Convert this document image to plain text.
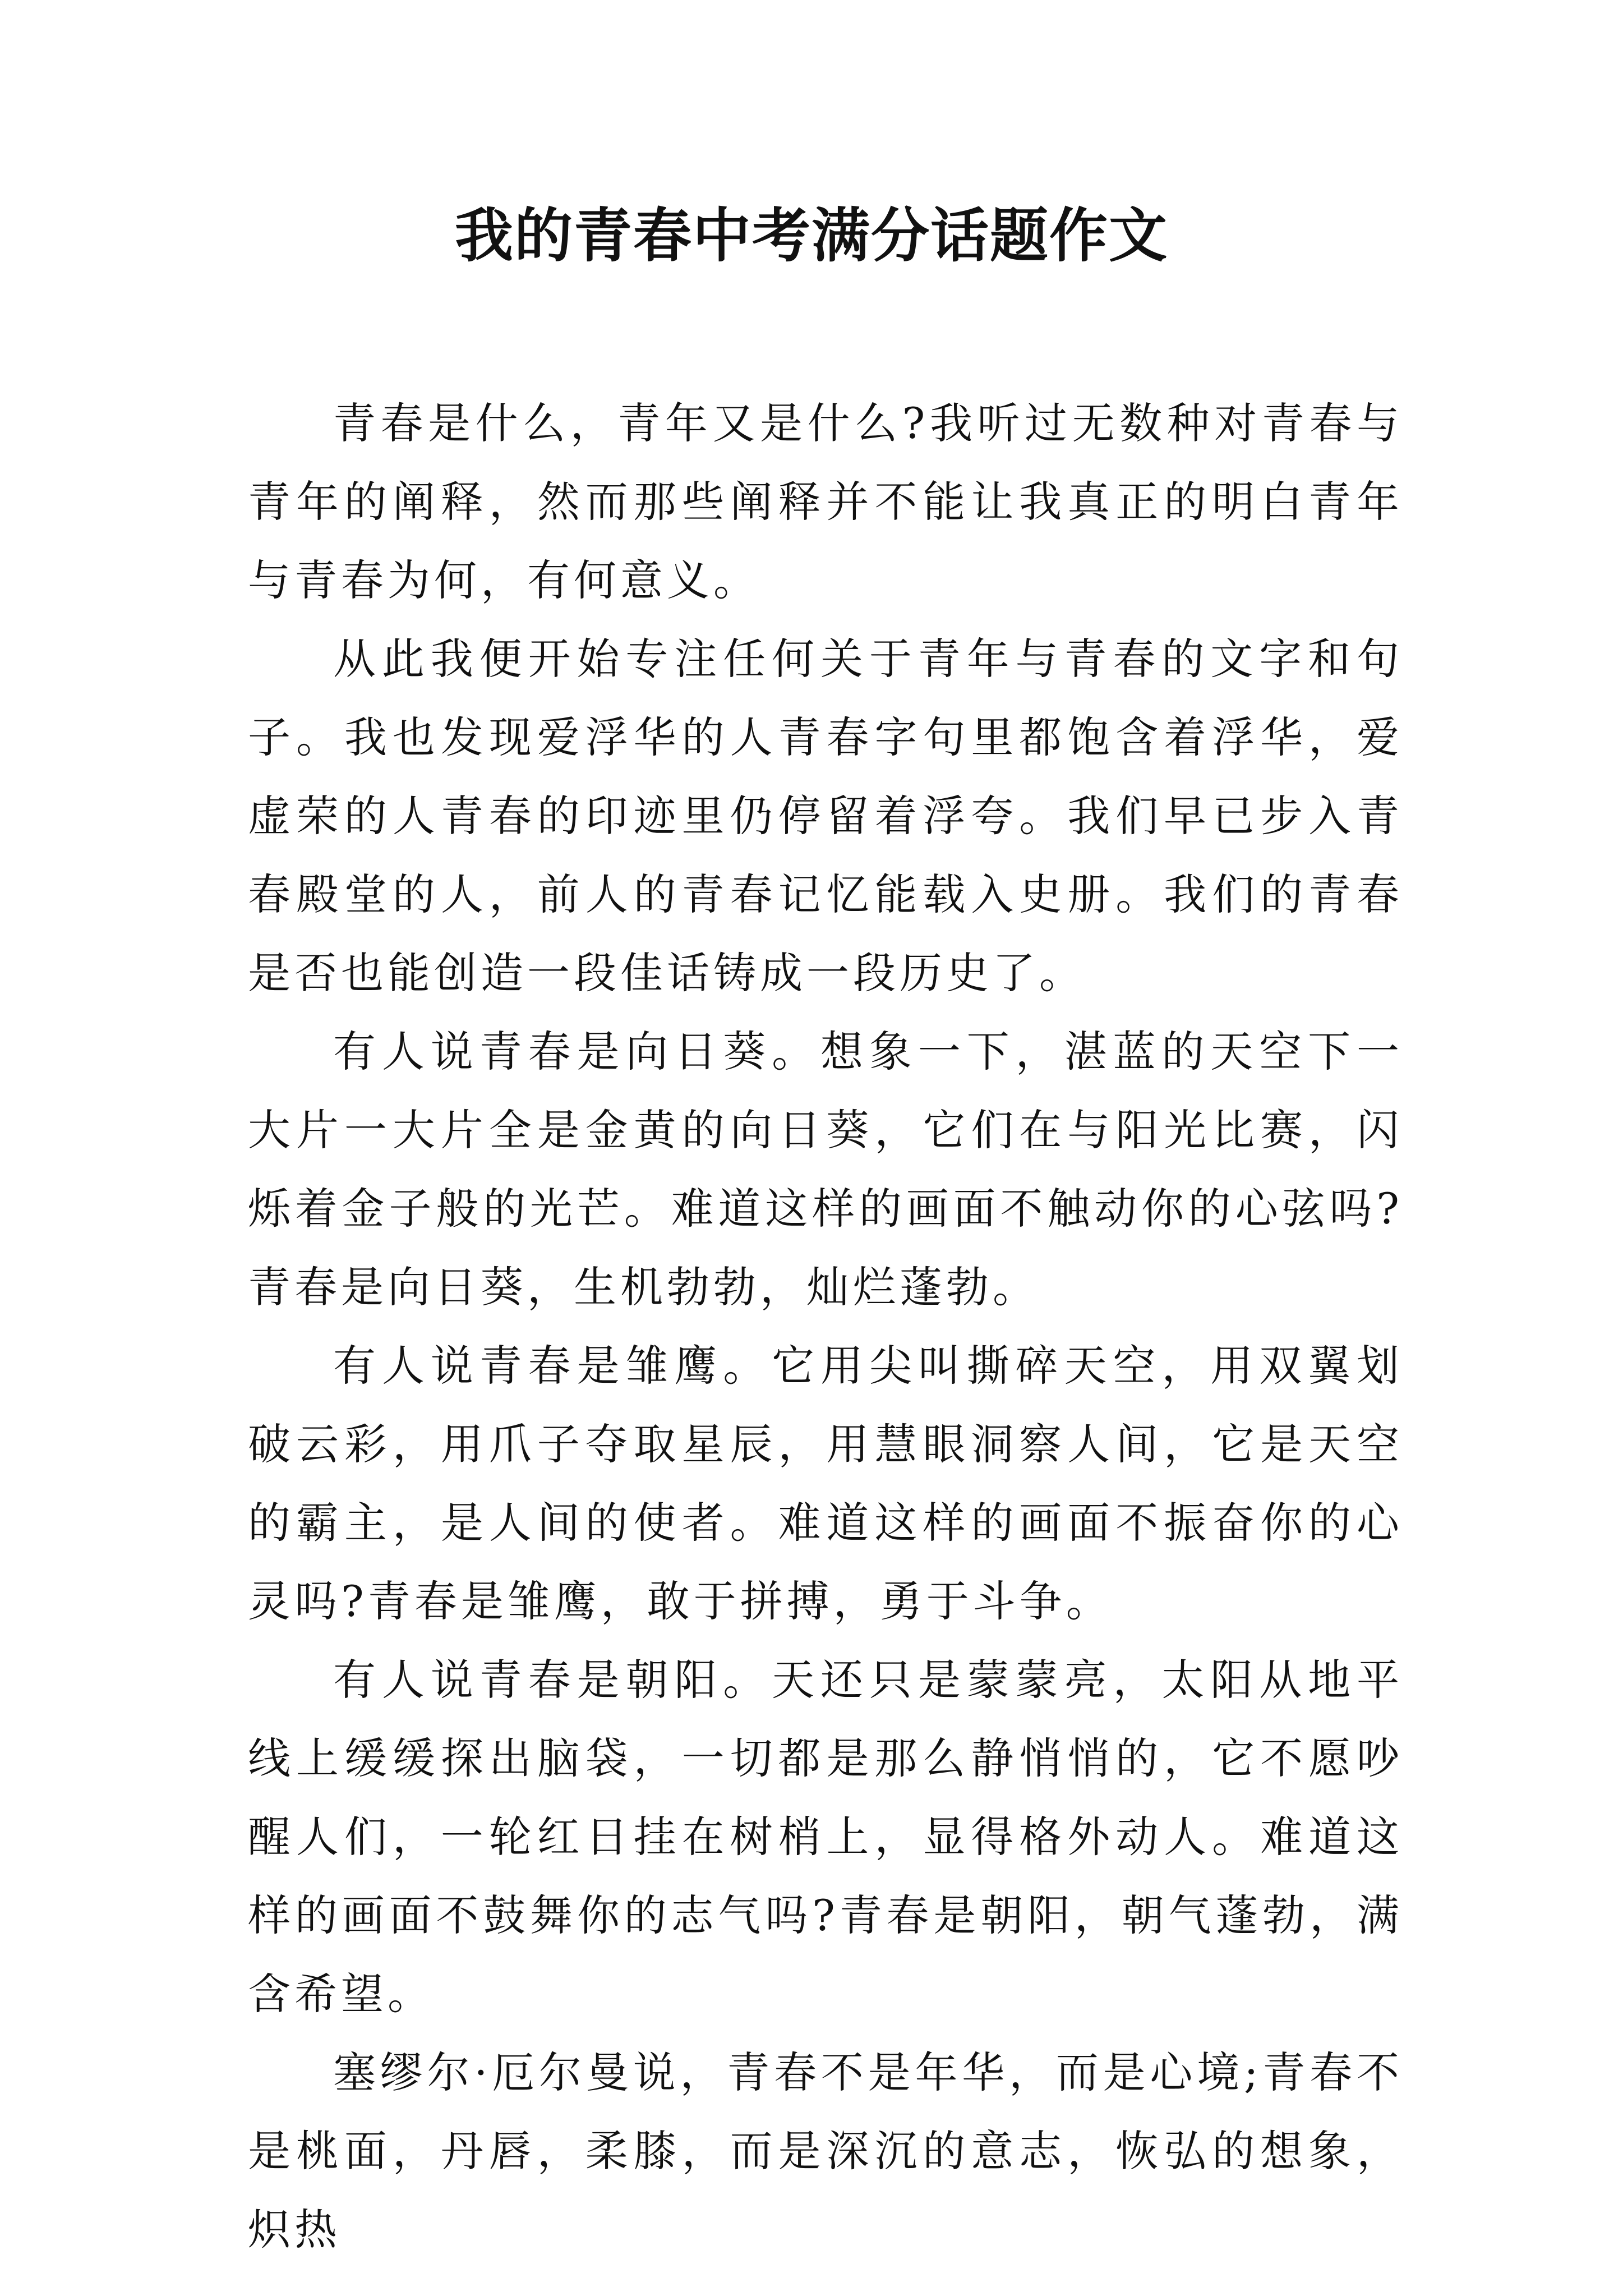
我的青春中考满分话题作文

青春是什么，青年又是什么?我听过无数种对青春与青年的阐释，然而那些阐释并不能让我真正的明白青年与青春为何，有何意义。

从此我便开始专注任何关于青年与青春的文字和句子。我也发现爱浮华的人青春字句里都饱含着浮华，爱虚荣的人青春的印迹里仍停留着浮夸。我们早已步入青春殿堂的人，前人的青春记忆能载入史册。我们的青春是否也能创造一段佳话铸成一段历史了。

有人说青春是向日葵。想象一下，湛蓝的天空下一大片一大片全是金黄的向日葵，它们在与阳光比赛，闪烁着金子般的光芒。难道这样的画面不触动你的心弦吗?青春是向日葵，生机勃勃，灿烂蓬勃。

有人说青春是雏鹰。它用尖叫撕碎天空，用双翼划破云彩，用爪子夺取星辰，用慧眼洞察人间，它是天空的霸主，是人间的使者。难道这样的画面不振奋你的心灵吗?青春是雏鹰，敢于拼搏，勇于斗争。

有人说青春是朝阳。天还只是蒙蒙亮，太阳从地平线上缓缓探出脑袋，一切都是那么静悄悄的，它不愿吵醒人们，一轮红日挂在树梢上，显得格外动人。难道这样的画面不鼓舞你的志气吗?青春是朝阳，朝气蓬勃，满含希望。

塞缪尔·厄尔曼说，青春不是年华，而是心境;青春不是桃面，丹唇，柔膝，而是深沉的意志，恢弘的想象，炽热
